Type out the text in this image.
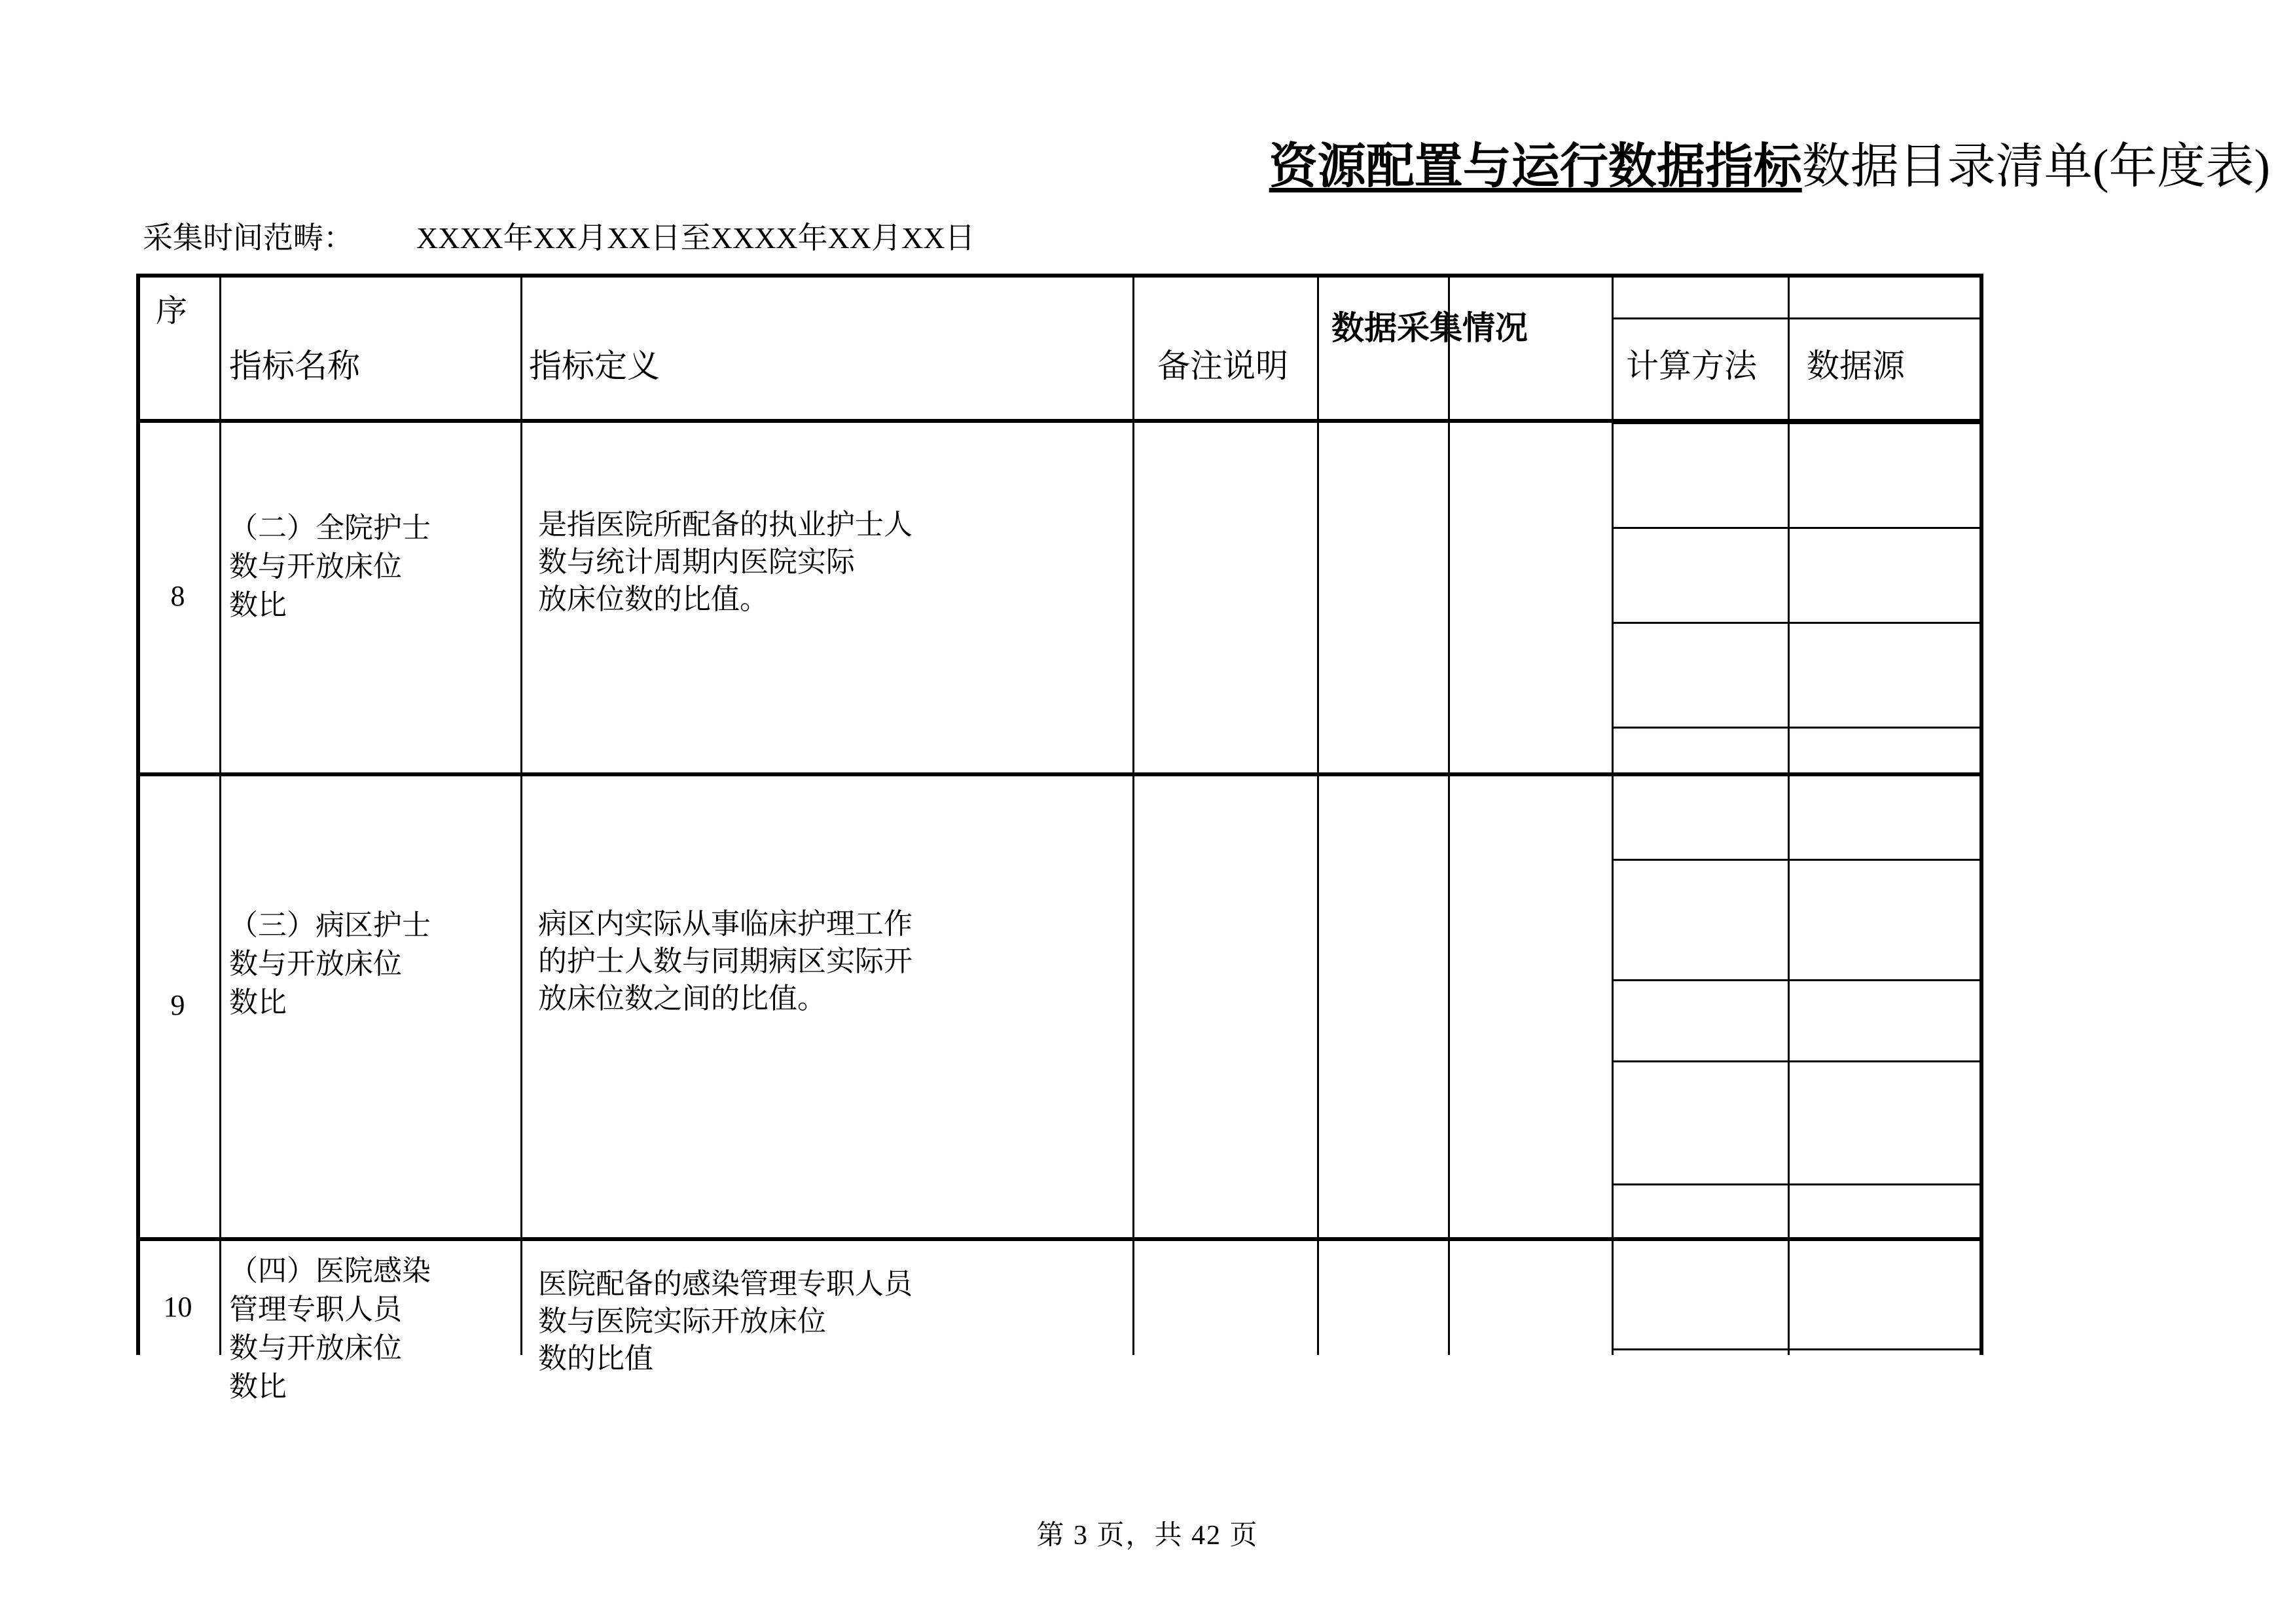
资源配置与运行数据指标数据目录清单(年度表)
采集时间范畴： XXXX年XX月XX日至XXXX年XX月XX日
序
指标名称	指标定义	备注说明
数据采集情况
计算方法 数据源
8
（二）全院护士
数与开放床位
数比
是指医院所配备的执业护士人
数与统计周期内医院实际
放床位数的比值。
9
（三）病区护士
数与开放床位
数比
病区内实际从事临床护理工作
的护士人数与同期病区实际开
放床位数之间的比值。
10
（四）医院感染
管理专职人员
数与开放床位
数比
医院配备的感染管理专职人员
数与医院实际开放床位
数的比值
第 3 页，共 42 页
